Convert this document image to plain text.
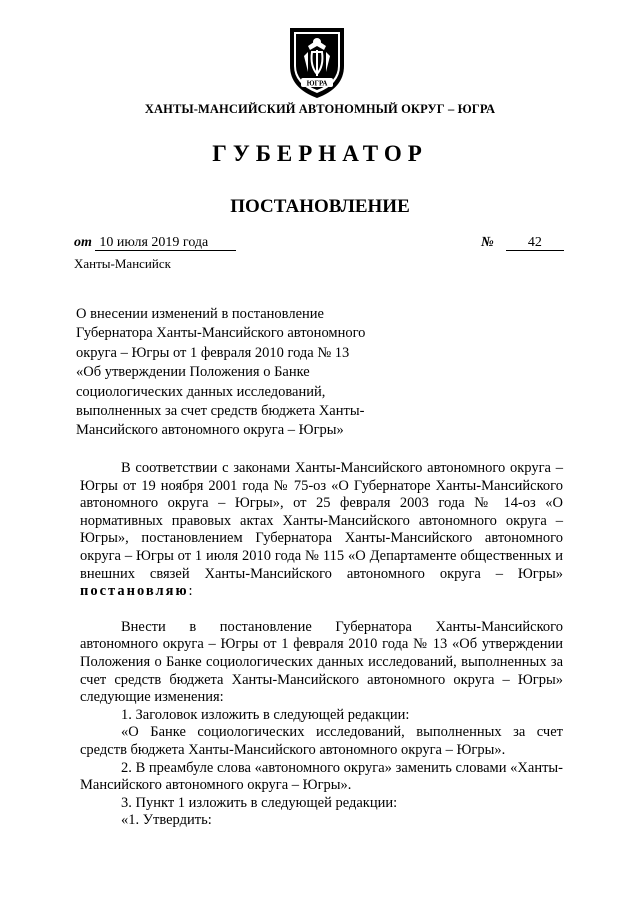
ЮГРА
ХАНТЫ-МАНСИЙСКИЙ АВТОНОМНЫЙ ОКРУГ – ЮГРА
ГУБЕРНАТОР
ПОСТАНОВЛЕНИЕ
от 10 июля 2019 года	№ 42
Ханты-Мансийск
О внесении изменений в постановление
Губернатора Ханты-Мансийского автономного
округа – Югры от 1 февраля 2010 года № 13
«Об утверждении Положения о Банке
социологических данных исследований,
выполненных за счет средств бюджета Ханты-
Мансийского автономного округа – Югры»

В соответствии с законами Ханты-Мансийского автономного округа – Югры от 19 ноября 2001 года № 75-оз «О Губернаторе Ханты-Мансийского автономного округа – Югры», от 25 февраля 2003 года № 14-оз «О нормативных правовых актах Ханты-Мансийского автономного округа – Югры», постановлением Губернатора Ханты-Мансийского автономного округа – Югры от 1 июля 2010 года № 115 «О Департаменте общественных и внешних связей Ханты-Мансийского автономного округа – Югры» постановляю:

Внести в постановление Губернатора Ханты-Мансийского автономного округа – Югры от 1 февраля 2010 года № 13 «Об утверждении Положения о Банке социологических данных исследований, выполненных за счет средств бюджета Ханты-Мансийского автономного округа – Югры» следующие изменения:

1. Заголовок изложить в следующей редакции:

«О Банке социологических исследований, выполненных за счет средств бюджета Ханты-Мансийского автономного округа – Югры».

2. В преамбуле слова «автономного округа» заменить словами «Ханты-Мансийского автономного округа – Югры».

3. Пункт 1 изложить в следующей редакции:

«1. Утвердить:
